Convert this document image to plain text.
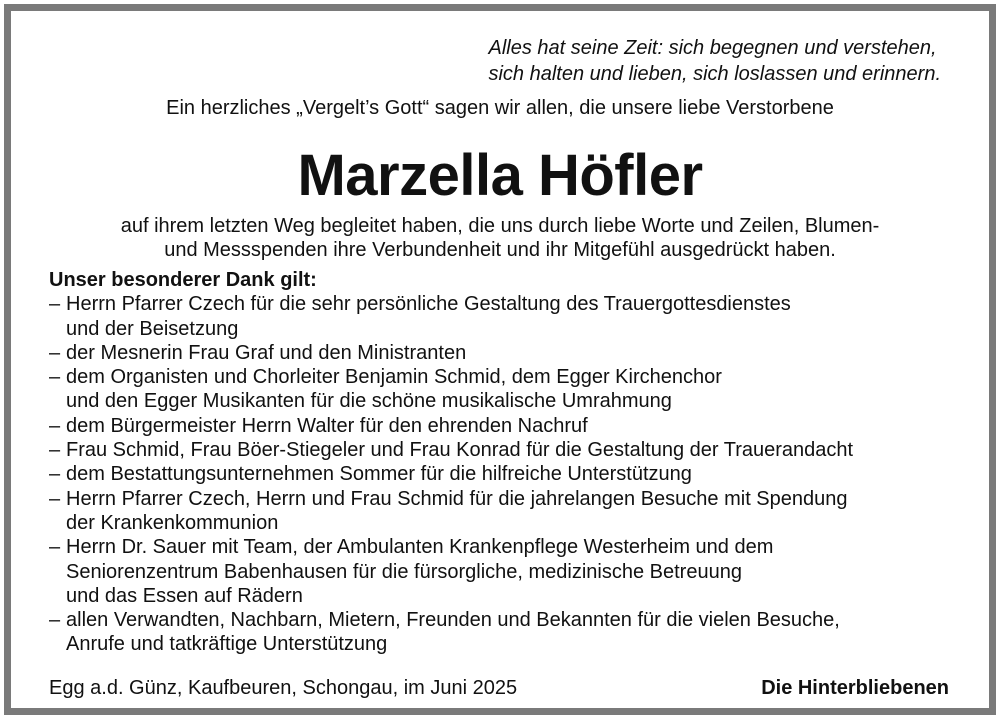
Alles hat seine Zeit: sich begegnen und verstehen,
sich halten und lieben, sich loslassen und erinnern.
Ein herzliches „Vergelt’s Gott“ sagen wir allen, die unsere liebe Verstorbene
Marzella Höfler
auf ihrem letzten Weg begleitet haben, die uns durch liebe Worte und Zeilen, Blumen-
und Messspenden ihre Verbundenheit und ihr Mitgefühl ausgedrückt haben.
Unser besonderer Dank gilt:
– Herrn Pfarrer Czech für die sehr persönliche Gestaltung des Trauergottesdienstes
und der Beisetzung
– der Mesnerin Frau Graf und den Ministranten
– dem Organisten und Chorleiter Benjamin Schmid, dem Egger Kirchenchor
und den Egger Musikanten für die schöne musikalische Umrahmung
– dem Bürgermeister Herrn Walter für den ehrenden Nachruf
– Frau Schmid, Frau Böer-Stiegeler und Frau Konrad für die Gestaltung der Trauerandacht
– dem Bestattungsunternehmen Sommer für die hilfreiche Unterstützung
– Herrn Pfarrer Czech, Herrn und Frau Schmid für die jahrelangen Besuche mit Spendung
der Krankenkommunion
– Herrn Dr. Sauer mit Team, der Ambulanten Krankenpflege Westerheim und dem
Seniorenzentrum Babenhausen für die fürsorgliche, medizinische Betreuung
und das Essen auf Rädern
– allen Verwandten, Nachbarn, Mietern, Freunden und Bekannten für die vielen Besuche,
Anrufe und tatkräftige Unterstützung
Egg a.d. Günz, Kaufbeuren, Schongau, im Juni 2025	Die Hinterbliebenen
